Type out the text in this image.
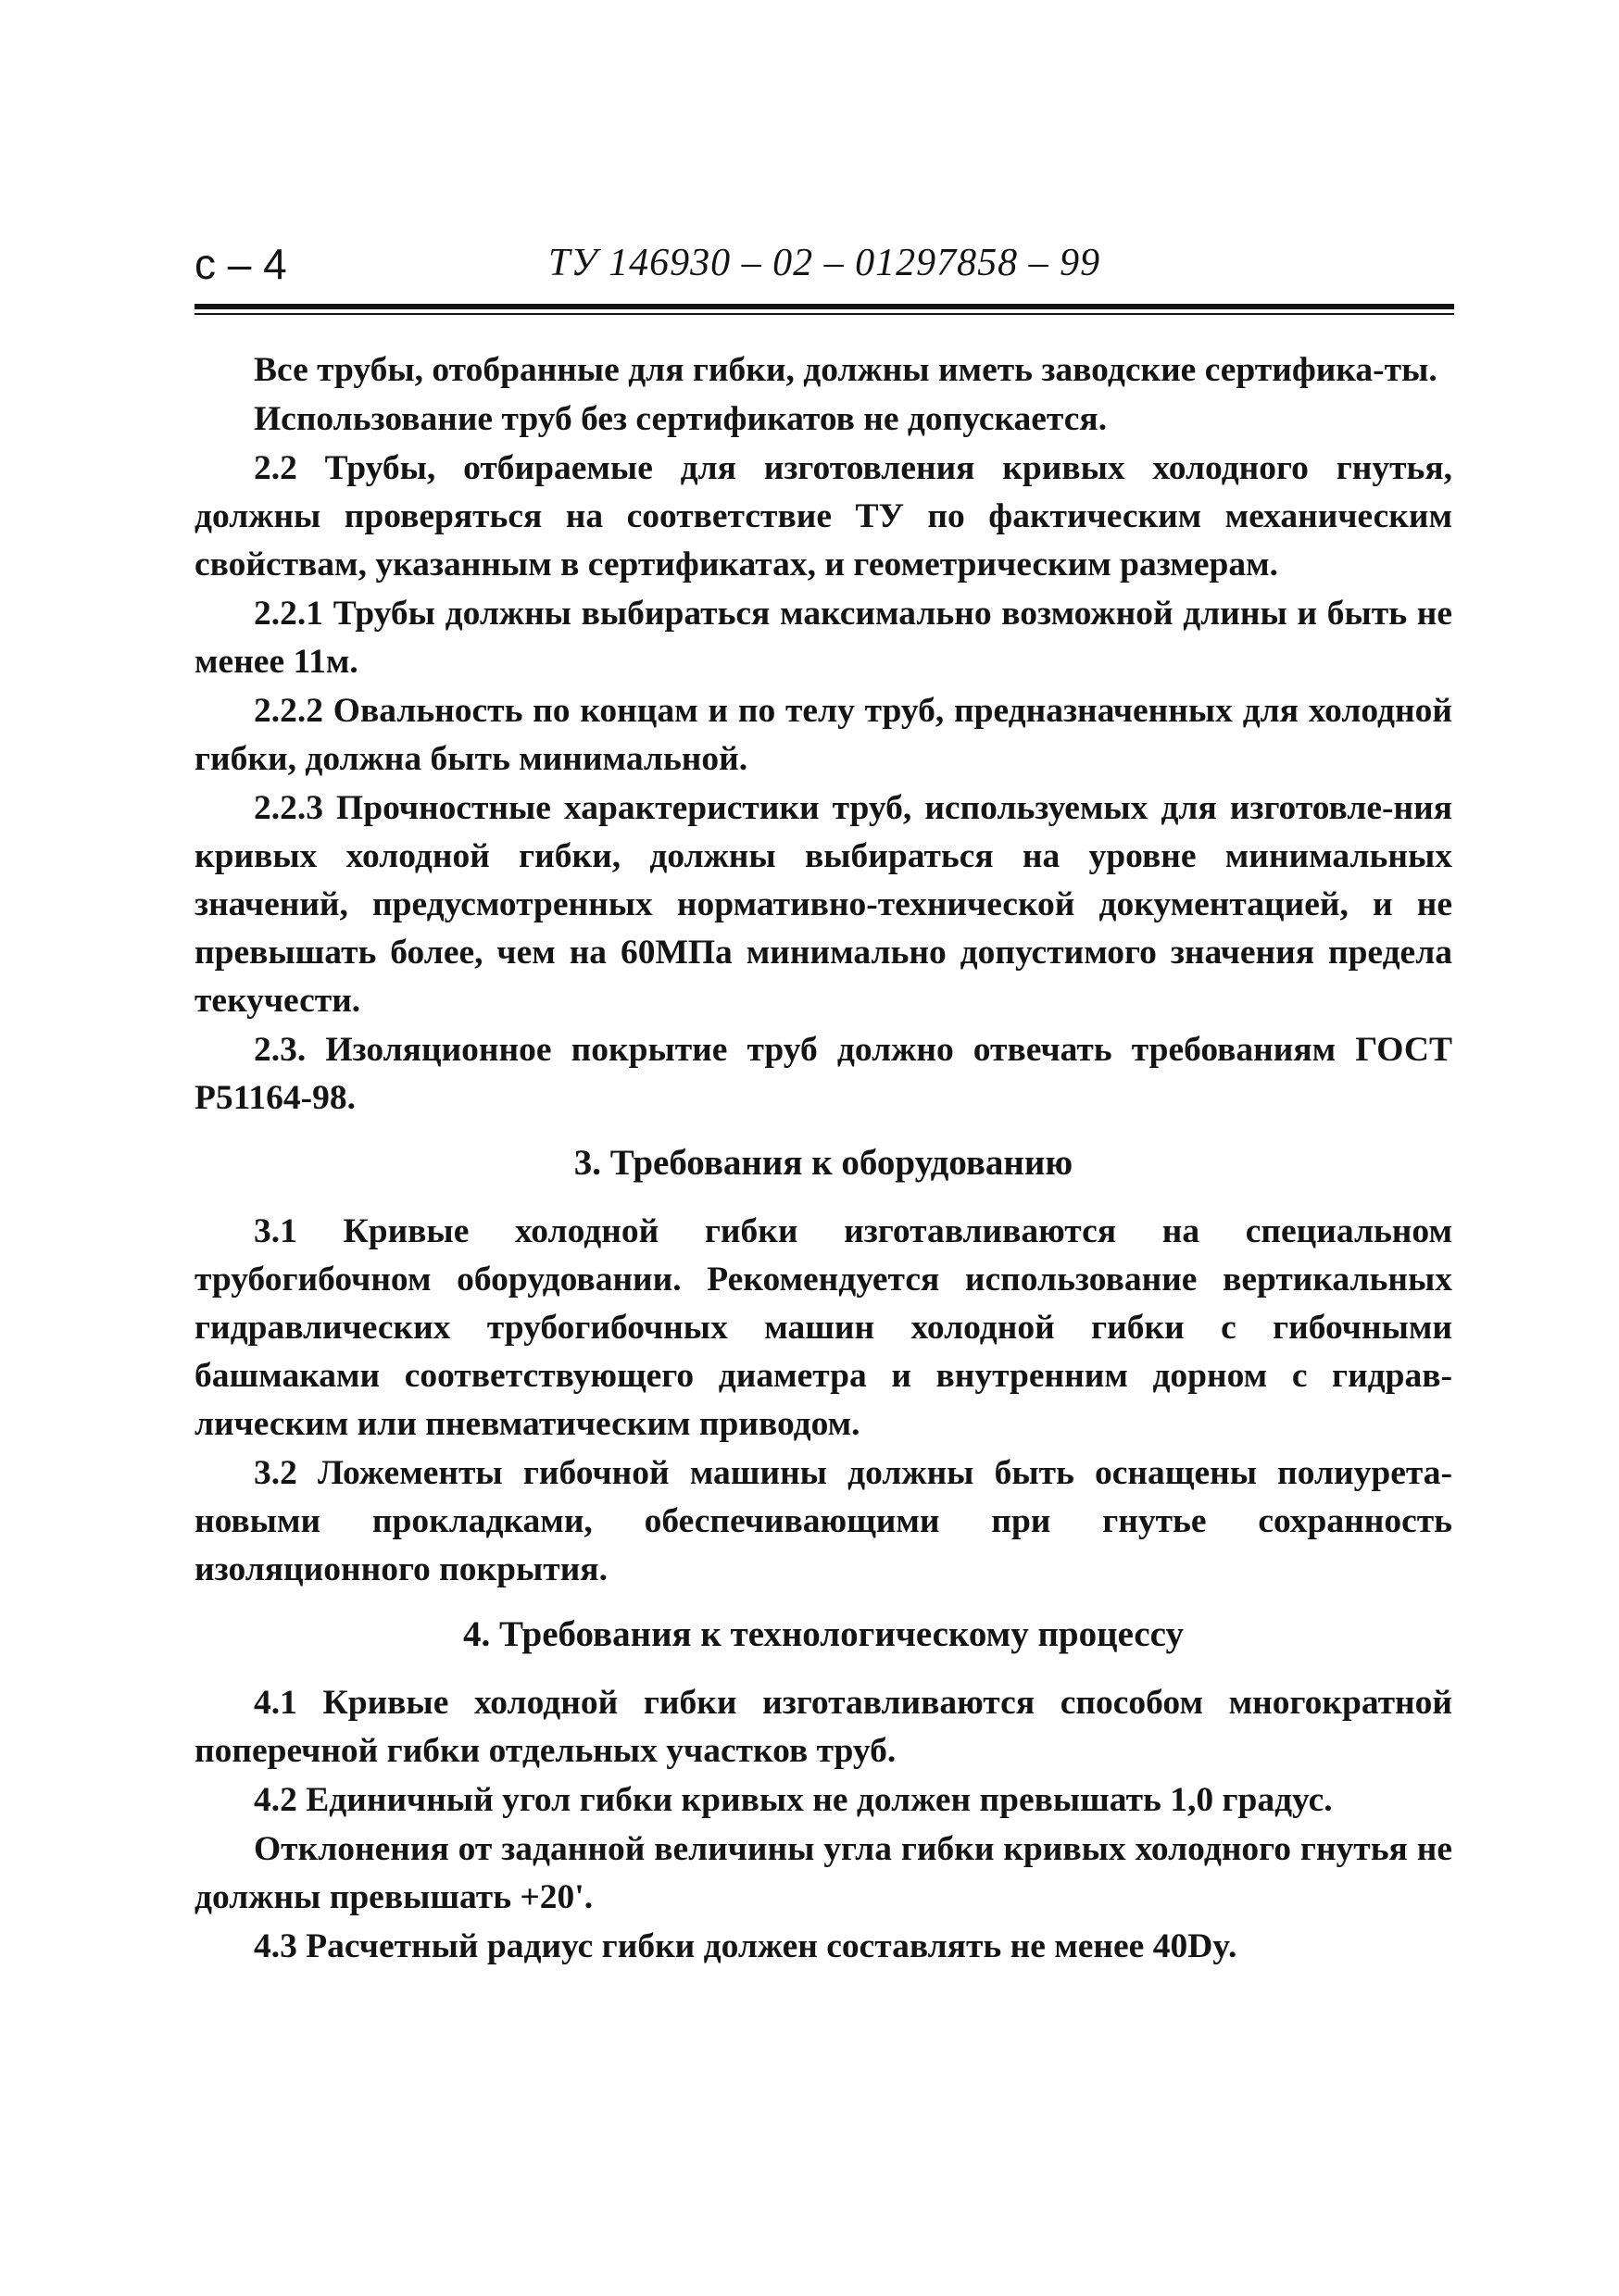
с – 4	ТУ 146930 – 02 – 01297858 – 99

Все трубы, отобранные для гибки, должны иметь заводские сертифика-ты.

Использование труб без сертификатов не допускается.

2.2 Трубы, отбираемые для изготовления кривых холодного гнутья, должны проверяться на соответствие ТУ по фактическим механическим свойствам, указанным в сертификатах, и геометрическим размерам.

2.2.1 Трубы должны выбираться максимально возможной длины и быть не менее 11м.

2.2.2 Овальность по концам и по телу труб, предназначенных для холодной гибки, должна быть минимальной.

2.2.3 Прочностные характеристики труб, используемых для изготовле-ния кривых холодной гибки, должны выбираться на уровне минимальных значений, предусмотренных нормативно-технической документацией, и не превышать более, чем на 60МПа минимально допустимого значения предела текучести.

2.3. Изоляционное покрытие труб должно отвечать требованиям ГОСТ Р51164-98.

3. Требования к оборудованию

3.1 Кривые холодной гибки изготавливаются на специальном трубогибочном оборудовании. Рекомендуется использование вертикальных гидравлических трубогибочных машин холодной гибки с гибочными башмаками соответствующего диаметра и внутренним дорном с гидрав-лическим или пневматическим приводом.

3.2 Ложементы гибочной машины должны быть оснащены полиурета-новыми прокладками, обеспечивающими при гнутье сохранность изоляционного покрытия.

4. Требования к технологическому процессу

4.1 Кривые холодной гибки изготавливаются способом многократной поперечной гибки отдельных участков труб.

4.2 Единичный угол гибки кривых не должен превышать 1,0 градус.

Отклонения от заданной величины угла гибки кривых холодного гнутья не должны превышать +20'.

4.3 Расчетный радиус гибки должен составлять не менее 40Dy.
